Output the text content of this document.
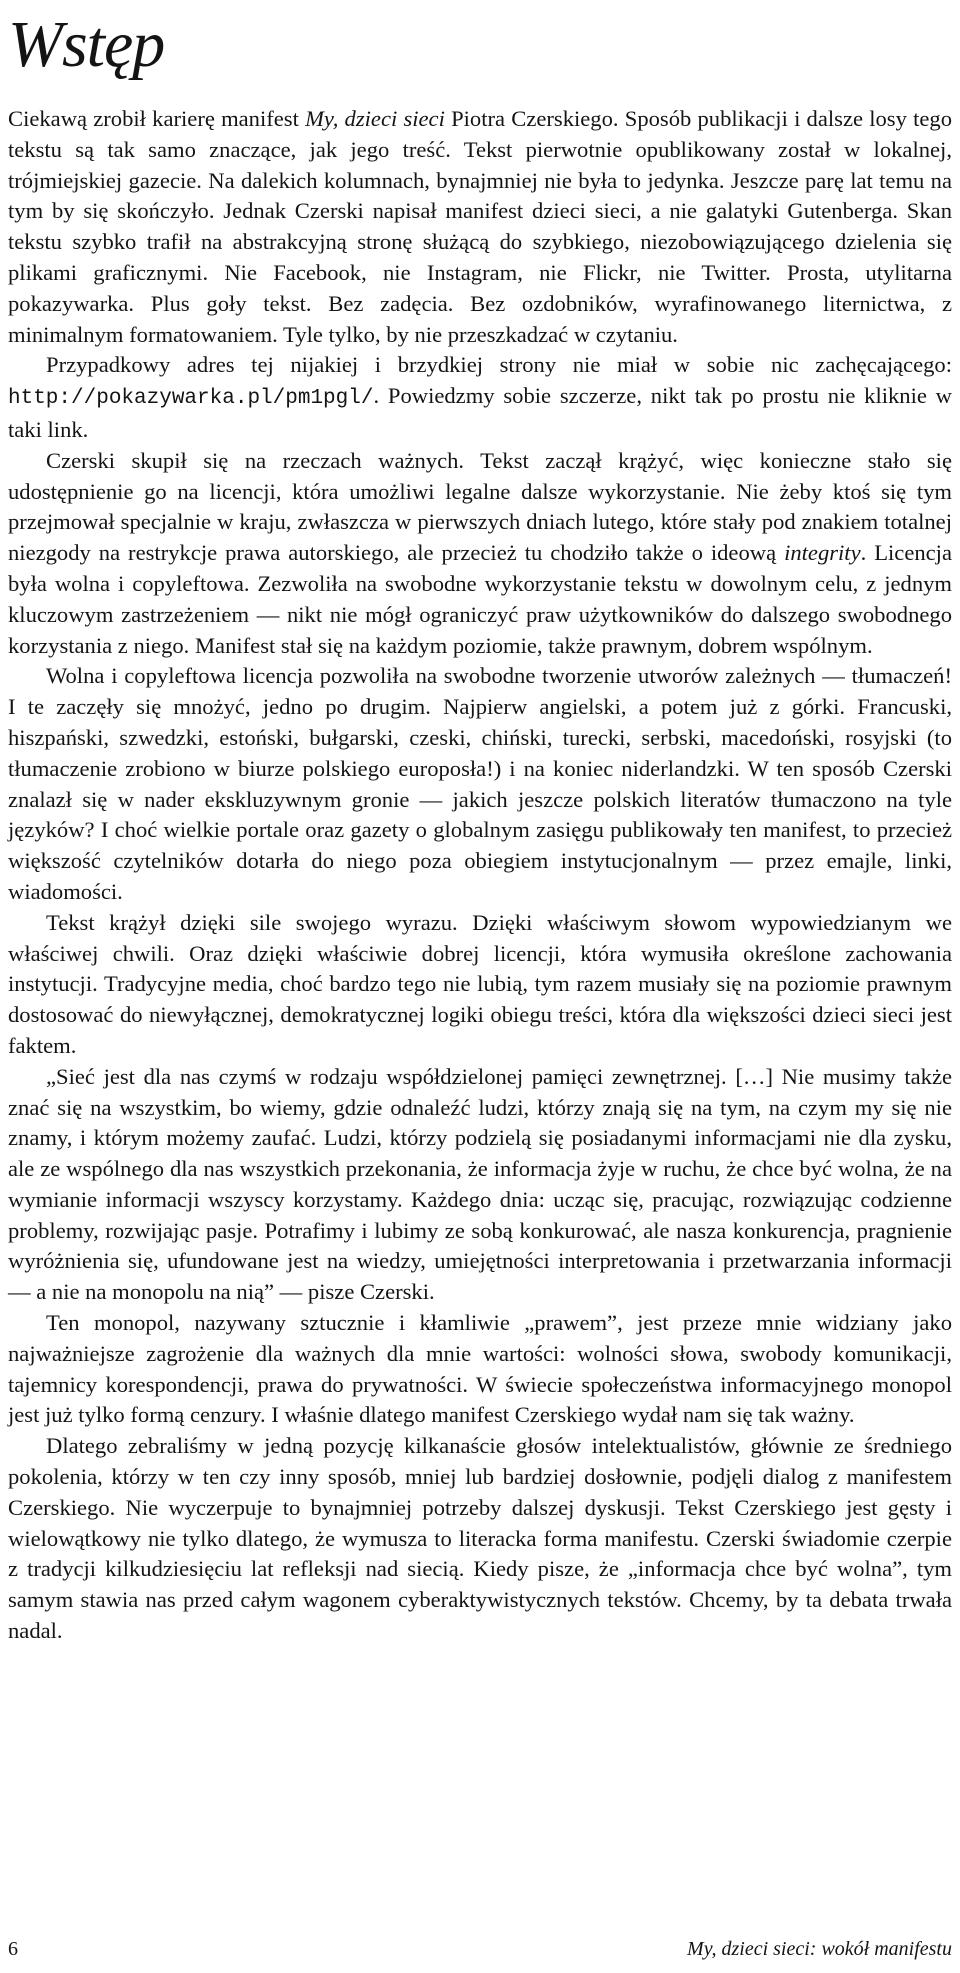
Wstęp

Ciekawą zrobił karierę manifest My, dzieci sieci Piotra Czerskiego. Sposób publikacji i dalsze losy tego tekstu są tak samo znaczące, jak jego treść. Tekst pierwotnie opublikowany został w lokalnej, trójmiejskiej gazecie. Na dalekich kolumnach, bynajmniej nie była to jedynka. Jeszcze parę lat temu na tym by się skończyło. Jednak Czerski napisał manifest dzieci sieci, a nie galatyki Gutenberga. Skan tekstu szybko trafił na abstrakcyjną stronę służącą do szybkiego, niezobowiązującego dzielenia się plikami graficznymi. Nie Facebook, nie Instagram, nie Flickr, nie Twitter. Prosta, utylitarna pokazywarka. Plus goły tekst. Bez zadęcia. Bez ozdobników, wyrafinowanego liternictwa, z minimalnym formatowaniem. Tyle tylko, by nie przeszkadzać w czytaniu.

Przypadkowy adres tej nijakiej i brzydkiej strony nie miał w sobie nic zachęcającego: http://pokazywarka.pl/pm1pgl/. Powiedzmy sobie szczerze, nikt tak po prostu nie kliknie w taki link.

Czerski skupił się na rzeczach ważnych. Tekst zaczął krążyć, więc konieczne stało się udostępnienie go na licencji, która umożliwi legalne dalsze wykorzystanie. Nie żeby ktoś się tym przejmował specjalnie w kraju, zwłaszcza w pierwszych dniach lutego, które stały pod znakiem totalnej niezgody na restrykcje prawa autorskiego, ale przecież tu chodziło także o ideową integrity. Licencja była wolna i copyleftowa. Zezwoliła na swobodne wykorzystanie tekstu w dowolnym celu, z jednym kluczowym zastrzeżeniem — nikt nie mógł ograniczyć praw użytkowników do dalszego swobodnego korzystania z niego. Manifest stał się na każdym poziomie, także prawnym, dobrem wspólnym.

Wolna i copyleftowa licencja pozwoliła na swobodne tworzenie utworów zależnych — tłumaczeń! I te zaczęły się mnożyć, jedno po drugim. Najpierw angielski, a potem już z górki. Francuski, hiszpański, szwedzki, estoński, bułgarski, czeski, chiński, turecki, serbski, macedoński, rosyjski (to tłumaczenie zrobiono w biurze polskiego europosła!) i na koniec niderlandzki. W ten sposób Czerski znalazł się w nader ekskluzywnym gronie — jakich jeszcze polskich literatów tłumaczono na tyle języków? I choć wielkie portale oraz gazety o globalnym zasięgu publikowały ten manifest, to przecież większość czytelników dotarła do niego poza obiegiem instytucjonalnym — przez emajle, linki, wiadomości.

Tekst krążył dzięki sile swojego wyrazu. Dzięki właściwym słowom wypowiedzianym we właściwej chwili. Oraz dzięki właściwie dobrej licencji, która wymusiła określone zachowania instytucji. Tradycyjne media, choć bardzo tego nie lubią, tym razem musiały się na poziomie prawnym dostosować do niewyłącznej, demokratycznej logiki obiegu treści, która dla większości dzieci sieci jest faktem.

„Sieć jest dla nas czymś w rodzaju współdzielonej pamięci zewnętrznej. […] Nie musimy także znać się na wszystkim, bo wiemy, gdzie odnaleźć ludzi, którzy znają się na tym, na czym my się nie znamy, i którym możemy zaufać. Ludzi, którzy podzielą się posiadanymi informacjami nie dla zysku, ale ze wspólnego dla nas wszystkich przekonania, że informacja żyje w ruchu, że chce być wolna, że na wymianie informacji wszyscy korzystamy. Każdego dnia: ucząc się, pracując, rozwiązując codzienne problemy, rozwijając pasje. Potrafimy i lubimy ze sobą konkurować, ale nasza konkurencja, pragnienie wyróżnienia się, ufundowane jest na wiedzy, umiejętności interpretowania i przetwarzania informacji — a nie na monopolu na nią” — pisze Czerski.

Ten monopol, nazywany sztucznie i kłamliwie „prawem”, jest przeze mnie widziany jako najważniejsze zagrożenie dla ważnych dla mnie wartości: wolności słowa, swobody komunikacji, tajemnicy korespondencji, prawa do prywatności. W świecie społeczeństwa informacyjnego monopol jest już tylko formą cenzury. I właśnie dlatego manifest Czerskiego wydał nam się tak ważny.

Dlatego zebraliśmy w jedną pozycję kilkanaście głosów intelektualistów, głównie ze średniego pokolenia, którzy w ten czy inny sposób, mniej lub bardziej dosłownie, podjęli dialog z manifestem Czerskiego. Nie wyczerpuje to bynajmniej potrzeby dalszej dyskusji. Tekst Czerskiego jest gęsty i wielowątkowy nie tylko dlatego, że wymusza to literacka forma manifestu. Czerski świadomie czerpie z tradycji kilkudziesięciu lat refleksji nad siecią. Kiedy pisze, że „informacja chce być wolna”, tym samym stawia nas przed całym wagonem cyberaktywistycznych tekstów. Chcemy, by ta debata trwała nadal.

6	My, dzieci sieci: wokół manifestu
